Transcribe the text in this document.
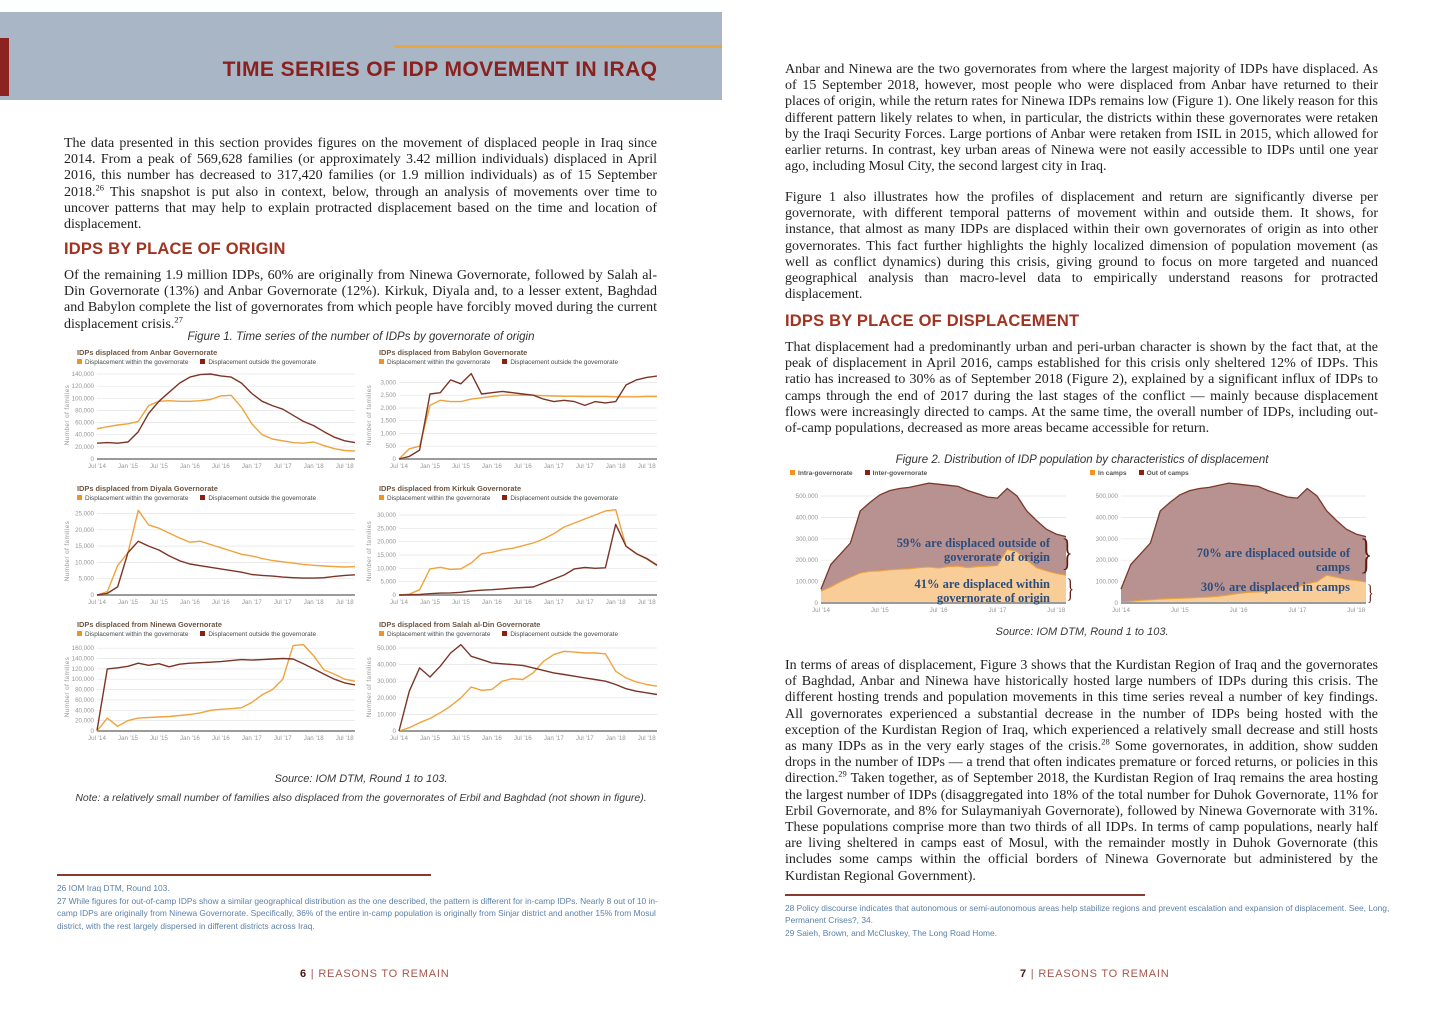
TIME SERIES OF IDP MOVEMENT IN IRAQ
The data presented in this section provides figures on the movement of displaced people in Iraq since 2014. From a peak of 569,628 families (or approximately 3.42 million individuals) displaced in April 2016, this number has decreased to 317,420 families (or 1.9 million individuals) as of 15 September 2018.26 This snapshot is put also in context, below, through an analysis of movements over time to uncover patterns that may help to explain protracted displacement based on the time and location of displacement.
IDPS BY PLACE OF ORIGIN
Of the remaining 1.9 million IDPs, 60% are originally from Ninewa Governorate, followed by Salah al-Din Governorate (13%) and Anbar Governorate (12%). Kirkuk, Diyala and, to a lesser extent, Baghdad and Babylon complete the list of governorates from which people have forcibly moved during the current displacement crisis.$^{27}$
Figure 1. Time series of the number of IDPs by governorate of origin
IDPs displaced from Anbar Governorate
Displacement within the governorate	Displacement outside the governorate
20,000
40,000
60,000
80,000
100,000
120,000
140,000
Jul ’14 Jan ’15 Jul ’15 Jan ’16 Jul ’16 Jan ’17 Jul ’17 Jan ’18 Jul ’18
0
Number of families
IDPs displaced from Babylon Governorate
Displacement within the governorate	Displacement outside the governorate
500
1,000
1,500
2,000
2,500
3,000
Jul ’14 Jan ’15 Jul ’15 Jan ’16 Jul ’16 Jan ’17 Jul ’17 Jan ’18 Jul ’18
0
Number of families
IDPs displaced from Diyala Governorate
Displacement within the governorate	Displacement outside the governorate
5,000
10,000
15,000
20,000
25,000
Jul ’14 Jan ’15 Jul ’15 Jan ’16 Jul ’16 Jan ’17 Jul ’17 Jan ’18 Jul ’18
0
Number of families
IDPs displaced from Kirkuk Governorate
Displacement within the governorate	Displacement outside the governorate
5,000
10,000
15,000
20,000
25,000
30,000
Jul ’14 Jan ’15 Jul ’15 Jan ’16 Jul ’16 Jan ’17 Jul ’17 Jan ’18 Jul ’18
0
Number of families
IDPs displaced from Ninewa Governorate
Displacement within the governorate	Displacement outside the governorate
20,000
40,000
60,000
80,000
100,000
120,000
140,000
160,000
Jul ’14 Jan ’15 Jul ’15 Jan ’16 Jul ’16 Jan ’17 Jul ’17 Jan ’18 Jul ’18
0
Number of families
IDPs displaced from Salah al-Din Governorate
Displacement within the governorate	Displacement outside the governorate
10,000
20,000
30,000
40,000
50,000
Jul ’14 Jan ’15 Jul ’15 Jan ’16 Jul ’16 Jan ’17 Jul ’17 Jan ’18 Jul ’18
0
Number of families
Source: IOM DTM, Round 1 to 103.
Note: a relatively small number of families also displaced from the governorates of Erbil and Baghdad (not shown in figure).

26 IOM Iraq DTM, Round 103.

27 While figures for out-of-camp IDPs show a similar geographical distribution as the one described, the pattern is different for in-camp IDPs. Nearly 8 out of 10 in-camp IDPs are originally from Ninewa Governorate. Specifically, 36% of the entire in-camp population is originally from Sinjar district and another 15% from Mosul district, with the rest largely dispersed in different districts across Iraq.

6 | REASONS TO REMAIN
Anbar and Ninewa are the two governorates from where the largest majority of IDPs have displaced. As of 15 September 2018, however, most people who were displaced from Anbar have returned to their places of origin, while the return rates for Ninewa IDPs remains low (Figure 1). One likely reason for this different pattern likely relates to when, in particular, the districts within these governorates were retaken by the Iraqi Security Forces. Large portions of Anbar were retaken from ISIL in 2015, which allowed for earlier returns. In contrast, key urban areas of Ninewa were not easily accessible to IDPs until one year ago, including Mosul City, the second largest city in Iraq.
Figure 1 also illustrates how the profiles of displacement and return are significantly diverse per governorate, with different temporal patterns of movement within and outside them. It shows, for instance, that almost as many IDPs are displaced within their own governorates of origin as into other governorates. This fact further highlights the highly localized dimension of population movement (as well as conflict dynamics) during this crisis, giving ground to focus on more targeted and nuanced geographical analysis than macro-level data to empirically understand reasons for protracted displacement.
IDPS BY PLACE OF DISPLACEMENT
That displacement had a predominantly urban and peri-urban character is shown by the fact that, at the peak of displacement in April 2016, camps established for this crisis only sheltered 12% of IDPs. This ratio has increased to 30% as of September 2018 (Figure 2), explained by a significant influx of IDPs to camps through the end of 2017 during the last stages of the conflict — mainly because displacement flows were increasingly directed to camps. At the same time, the overall number of IDPs, including out-of-camp populations, decreased as more areas became accessible for return.
Figure 2. Distribution of IDP population by characteristics of displacement
Intra-governorate	Inter-governorate
100,000
200,000
300,000
400,000
500,000
Jul ’14	Jul ’15	Jul ’16	Jul ’17	Jul ’18
0
59% are displaced outside of goverorate of origin
}
41% are displaced within governorate of origin
}
In camps	Out of camps
100,000
200,000
300,000
400,000
500,000
Jul ’14	Jul ’15	Jul ’16	Jul ’17	Jul ’18
0
70% are displaced outside of camps
}
30% are displaced in camps
}
Source: IOM DTM, Round 1 to 103.
In terms of areas of displacement, Figure 3 shows that the Kurdistan Region of Iraq and the governorates of Baghdad, Anbar and Ninewa have historically hosted large numbers of IDPs during this crisis. The different hosting trends and population movements in this time series reveal a number of key findings. All governorates experienced a substantial decrease in the number of IDPs being hosted with the exception of the Kurdistan Region of Iraq, which experienced a relatively small decrease and still hosts as many IDPs as in the very early stages of the crisis.$^{28}$ Some governorates, in addition, show sudden drops in the number of IDPs — a trend that often indicates premature or forced returns, or policies in this direction.$^{29}$ Taken together, as of September 2018, the Kurdistan Region of Iraq remains the area hosting the largest number of IDPs (disaggregated into 18% of the total number for Duhok Governorate, 11% for Erbil Governorate, and 8% for Sulaymaniyah Governorate), followed by Ninewa Governorate with 31%. These populations comprise more than two thirds of all IDPs. In terms of camp populations, nearly half are living sheltered in camps east of Mosul, with the remainder mostly in Duhok Governorate (this includes some camps within the official borders of Ninewa Governorate but administered by the Kurdistan Regional Government).

28 Policy discourse indicates that autonomous or semi-autonomous areas help stabilize regions and prevent escalation and expansion of displacement. See, Long, Permanent Crises?, 34.

29 Saieh, Brown, and McCluskey, The Long Road Home.

7 | REASONS TO REMAIN
